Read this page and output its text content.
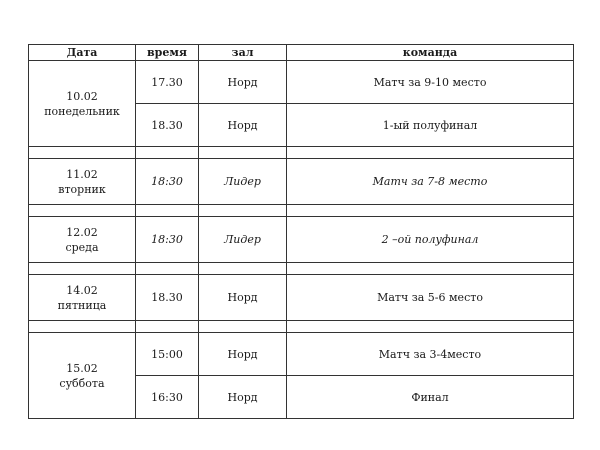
Дата	время	зал	команда

10.02
понедельник	17.30	Норд	Матч за 9-10 место
	18.30	Норд	1-ый полуфинал

11.02
вторник	18:30	Лидер	Матч за 7-8 место

12.02
среда	18:30	Лидер	2 –ой полуфинал

14.02
пятница	18.30	Норд	Матч за 5-6 место

15.02
суббота	15:00	Норд	Матч за 3-4место
	16:30	Норд	Финал
